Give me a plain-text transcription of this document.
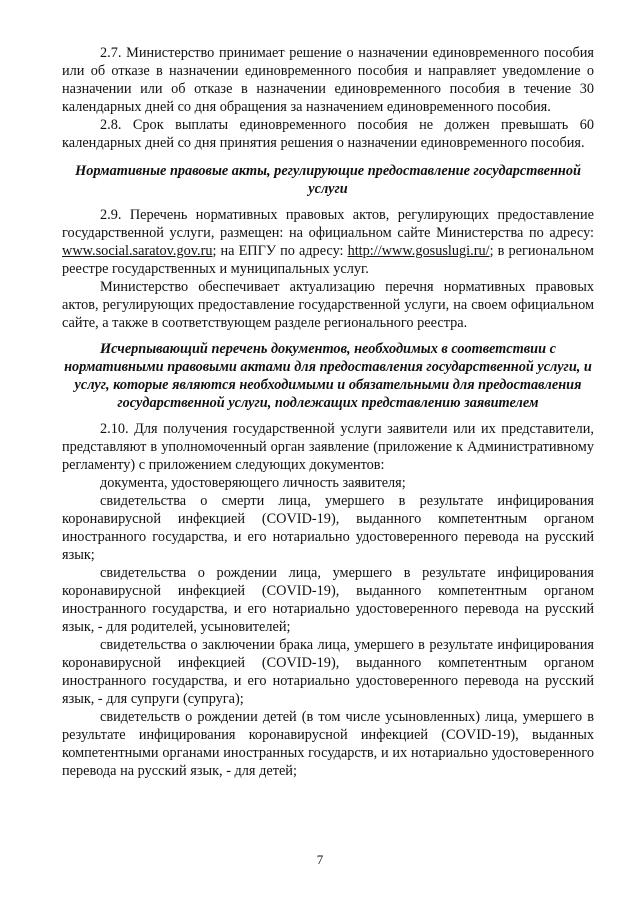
2.7. Министерство принимает решение о назначении единовременного пособия или об отказе в назначении единовременного пособия и направляет уведомление о назначении или об отказе в назначении единовременного пособия в течение 30 календарных дней со дня обращения за назначением единовременного пособия.

2.8. Срок выплаты единовременного пособия не должен превышать 60 календарных дней со дня принятия решения о назначении единовременного пособия.

Нормативные правовые акты, регулирующие предоставление государственной услуги

2.9. Перечень нормативных правовых актов, регулирующих предоставление государственной услуги, размещен: на официальном сайте Министерства по адресу: www.social.saratov.gov.ru; на ЕПГУ по адресу: http://www.gosuslugi.ru/; в региональном реестре государственных и муниципальных услуг.

Министерство обеспечивает актуализацию перечня нормативных правовых актов, регулирующих предоставление государственной услуги, на своем официальном сайте, а также в соответствующем разделе регионального реестра.

Исчерпывающий перечень документов, необходимых в соответствии с нормативными правовыми актами для предоставления государственной услуги, и услуг, которые являются необходимыми и обязательными для предоставления государственной услуги, подлежащих представлению заявителем

2.10. Для получения государственной услуги заявители или их представители, представляют в уполномоченный орган заявление (приложение к Административному регламенту) с приложением следующих документов:

документа, удостоверяющего личность заявителя;

свидетельства о смерти лица, умершего в результате инфицирования коронавирусной инфекцией (COVID-19), выданного компетентным органом иностранного государства, и его нотариально удостоверенного перевода на русский язык;

свидетельства о рождении лица, умершего в результате инфицирования коронавирусной инфекцией (COVID-19), выданного компетентным органом иностранного государства, и его нотариально удостоверенного перевода на русский язык, - для родителей, усыновителей;

свидетельства о заключении брака лица, умершего в результате инфицирования коронавирусной инфекцией (COVID-19), выданного компетентным органом иностранного государства, и его нотариально удостоверенного перевода на русский язык, - для супруги (супруга);

свидетельств о рождении детей (в том числе усыновленных) лица, умершего в результате инфицирования коронавирусной инфекцией (COVID-19), выданных компетентными органами иностранных государств, и их нотариально удостоверенного перевода на русский язык, - для детей;

7
